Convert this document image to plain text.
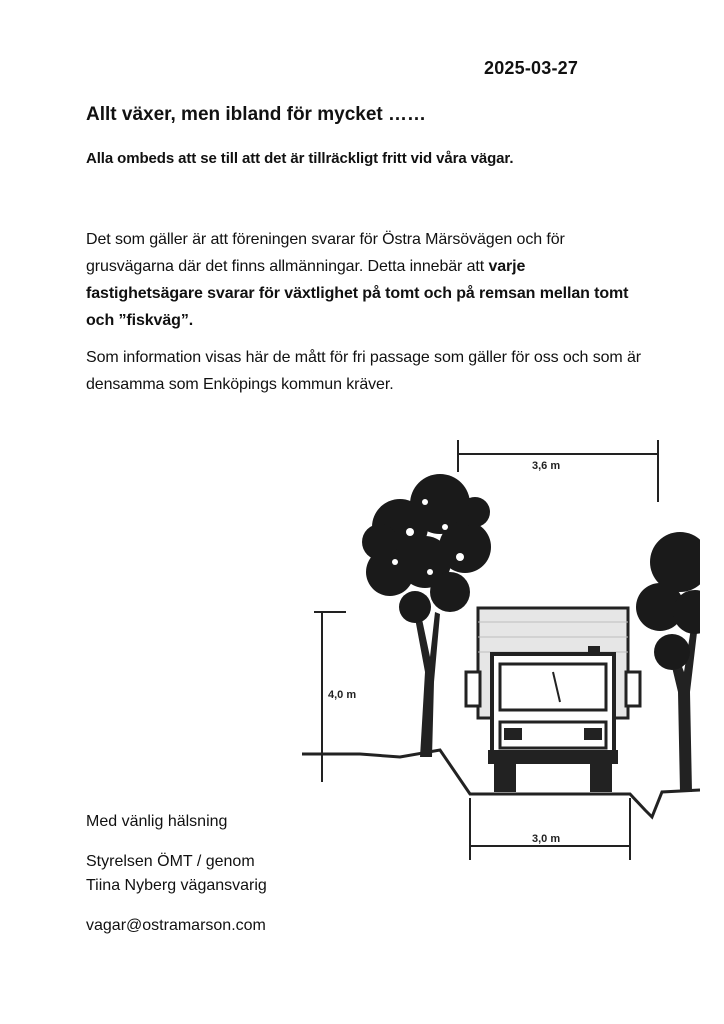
2025-03-27
Allt växer, men ibland för mycket ……

Alla ombeds att se till att det är tillräckligt fritt vid våra vägar.

Det som gäller är att föreningen svarar för Östra Märsövägen och för grusvägarna där det finns allmänningar. Detta innebär att varje fastighetsägare svarar för växtlighet på tomt och på remsan mellan tomt och ”fiskväg”.

Som information visas här de mått för fri passage som gäller för oss och som är densamma som Enköpings kommun kräver.

3,6 m
4,0 m
3,0 m

Med vänlig hälsning

Styrelsen ÖMT / genom

Tiina Nyberg vägansvarig

vagar@ostramarson.com
